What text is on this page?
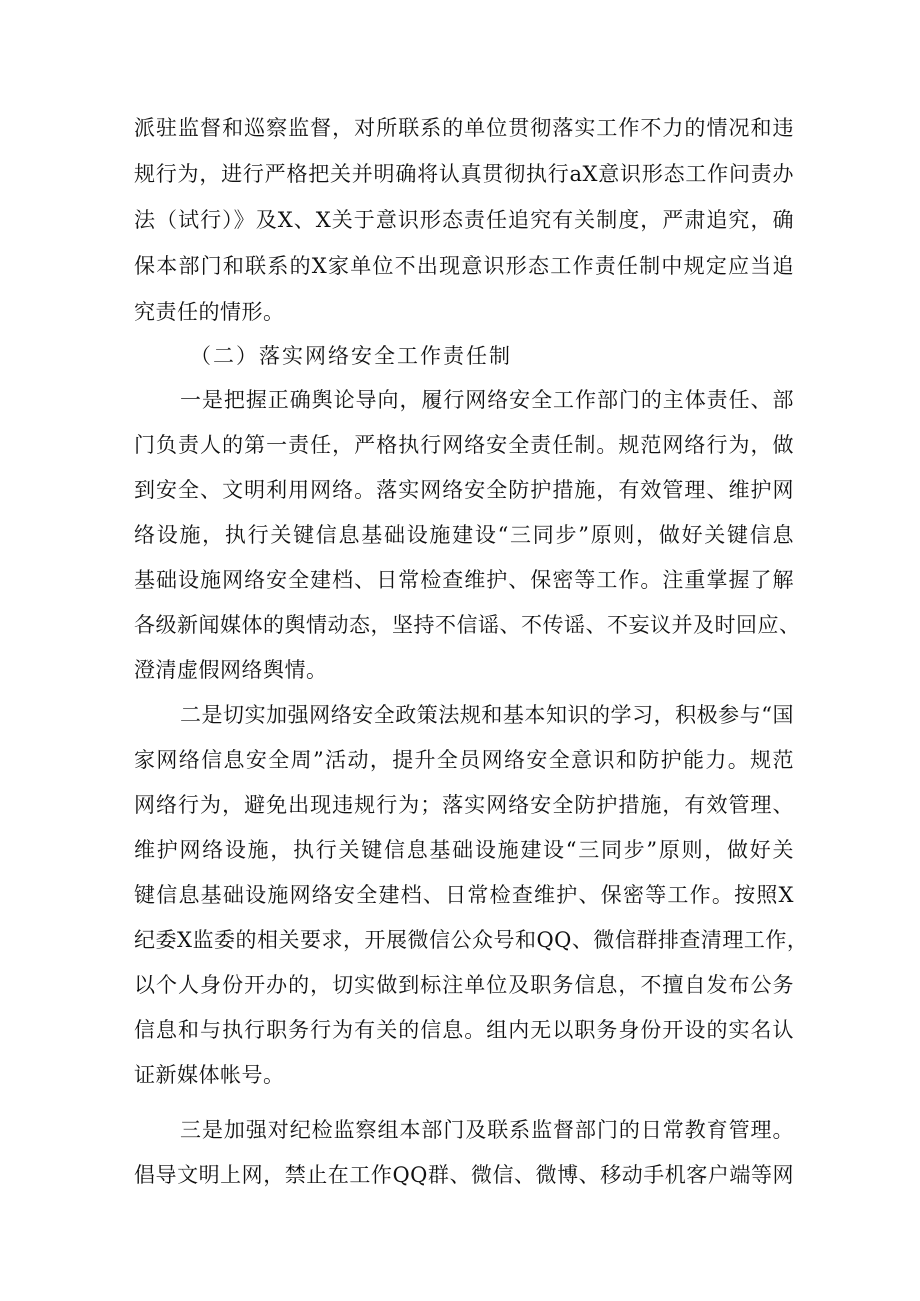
派驻监督和巡察监督，对所联系的单位贯彻落实工作不力的情况和违
规行为，进行严格把关并明确将认真贯彻执行aX意识形态工作问责办
法（试行）》及X、X关于意识形态责任追究有关制度，严肃追究，确
保本部门和联系的X家单位不出现意识形态工作责任制中规定应当追
究责任的情形。
（二）落实网络安全工作责任制
一是把握正确舆论导向，履行网络安全工作部门的主体责任、部
门负责人的第一责任，严格执行网络安全责任制。规范网络行为，做
到安全、文明利用网络。落实网络安全防护措施，有效管理、维护网
络设施，执行关键信息基础设施建设“三同步”原则，做好关键信息
基础设施网络安全建档、日常检查维护、保密等工作。注重掌握了解
各级新闻媒体的舆情动态，坚持不信谣、不传谣、不妄议并及时回应、
澄清虚假网络舆情。
二是切实加强网络安全政策法规和基本知识的学习，积极参与“国
家网络信息安全周”活动，提升全员网络安全意识和防护能力。规范
网络行为，避免出现违规行为；落实网络安全防护措施，有效管理、
维护网络设施，执行关键信息基础设施建设“三同步”原则，做好关
键信息基础设施网络安全建档、日常检查维护、保密等工作。按照X
纪委X监委的相关要求，开展微信公众号和QQ、微信群排查清理工作，
以个人身份开办的，切实做到标注单位及职务信息，不擅自发布公务
信息和与执行职务行为有关的信息。组内无以职务身份开设的实名认
证新媒体帐号。
三是加强对纪检监察组本部门及联系监督部门的日常教育管理。
倡导文明上网，禁止在工作QQ群、微信、微博、移动手机客户端等网
